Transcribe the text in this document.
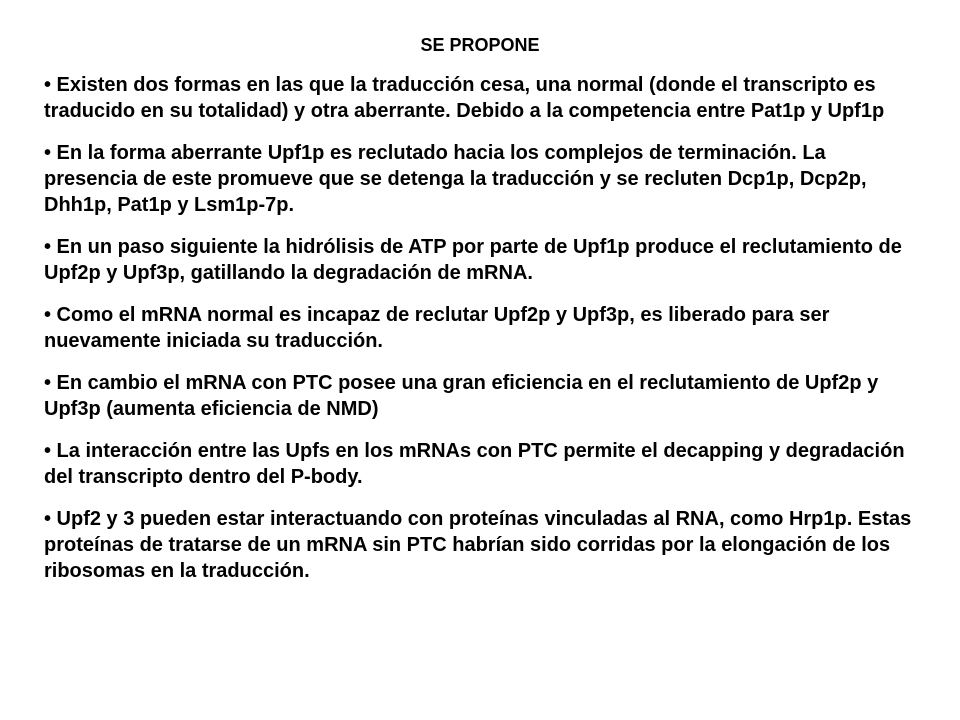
SE PROPONE
• Existen dos formas en las que la traducción cesa, una normal (donde el transcripto es traducido en su totalidad) y otra aberrante. Debido a la competencia entre Pat1p y Upf1p
• En la forma aberrante Upf1p es reclutado hacia los complejos de terminación. La presencia de este promueve que se detenga la traducción y se recluten Dcp1p, Dcp2p, Dhh1p, Pat1p y Lsm1p-7p.
• En un paso siguiente la hidrólisis de ATP por parte de Upf1p produce el reclutamiento de Upf2p y Upf3p, gatillando la degradación de mRNA.
• Como el mRNA normal es incapaz de reclutar Upf2p y Upf3p, es liberado para ser nuevamente iniciada su traducción.
• En cambio el mRNA con PTC posee una gran eficiencia en el reclutamiento de Upf2p y Upf3p (aumenta eficiencia de NMD)
• La interacción entre las Upfs en los mRNAs con PTC permite el decapping y degradación del transcripto dentro del P-body.
• Upf2 y 3 pueden estar interactuando con proteínas vinculadas al RNA, como Hrp1p. Estas proteínas de tratarse de un mRNA sin PTC habrían sido corridas por la elongación de los ribosomas en la traducción.
